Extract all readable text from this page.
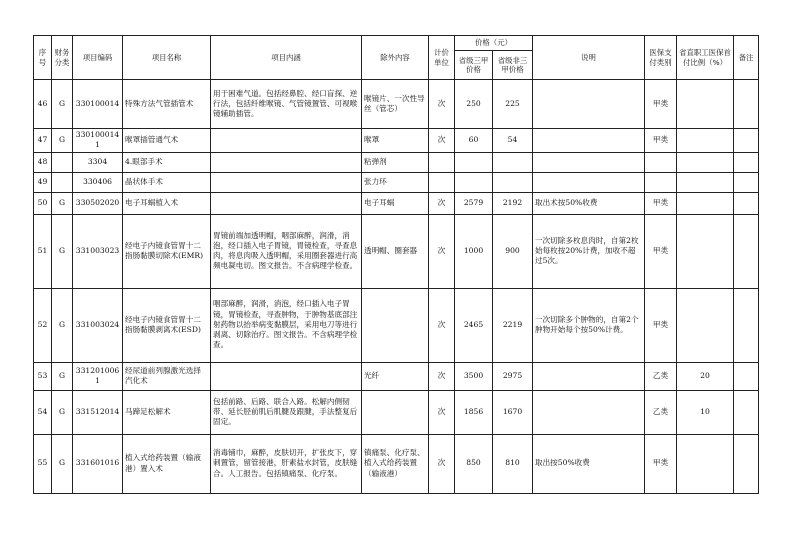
序号	财务分类	项目编码	项目名称	项目内涵	除外内容	计价单位	价格（元）		说明	医保支付类别	省直职工医保首付比例（%）	备注
							省级三甲价格	省级非三甲价格				
46	G	330100014	特殊方法气管插管术	用于困难气道。包括经鼻腔、经口盲探、逆行法，包括纤维喉镜、气管镜置管、可视喉镜辅助插管。	喉镜片、一次性导丝（管芯）	次	250	225		甲类		
47	G	3301000141	喉罩插管通气术		喉罩	次	60	54		甲类		
48		3304	4.眼部手术		粘弹剂							
49		330406	晶状体手术		张力环							
50	G	330502020	电子耳蜗植入术		电子耳蜗	次	2579	2192	取出术按50%收费	甲类		
51	G	331003023	经电子内镜食管胃十二指肠黏膜切除术(EMR)	胃镜前端加透明帽，咽部麻醉，润滑，消泡，经口插入电子胃镜，胃镜检查，寻查息肉，将息肉吸入透明帽，采用圈套器进行高频电凝电切。图文报告。不含病理学检查。	透明帽、圈套器	次	1000	900	一次切除多枚息肉时，自第2枚始每枚按20%计费，加收不超过5次。	甲类		
52	G	331003024	经电子内镜食管胃十二指肠黏膜剥离术(ESD)	咽部麻醉，润滑，消泡，经口插入电子胃镜，胃镜检查，寻查肿物，于肿物基底部注射药物以抬举病变黏膜层，采用电刀等进行剥离、切除治疗。图文报告。不含病理学检查。		次	2465	2219	一次切除多个肿物的，自第2个肿物开始每个按50%计费。	甲类		
53	G	3312010061	经尿道前列腺激光选择汽化术		光纤	次	3500	2975		乙类	20	
54	G	331512014	马蹄足松解术	包括前路、后路、联合入路。松解内侧韧带、延长胫前肌后肌腱及跟腱，手法整复后固定。		次	1856	1670		乙类	10	
55	G	331601016	植入式给药装置（输液港）置入术	消毒铺巾，麻醉，皮肤切开，扩张皮下，穿刺置管，留管接港，肝素盐水封管，皮肤缝合。人工报告。包括镇痛泵、化疗泵。	镇痛泵、化疗泵、植入式给药装置（输液港）	次	850	810	取出按50%收费	甲类		
